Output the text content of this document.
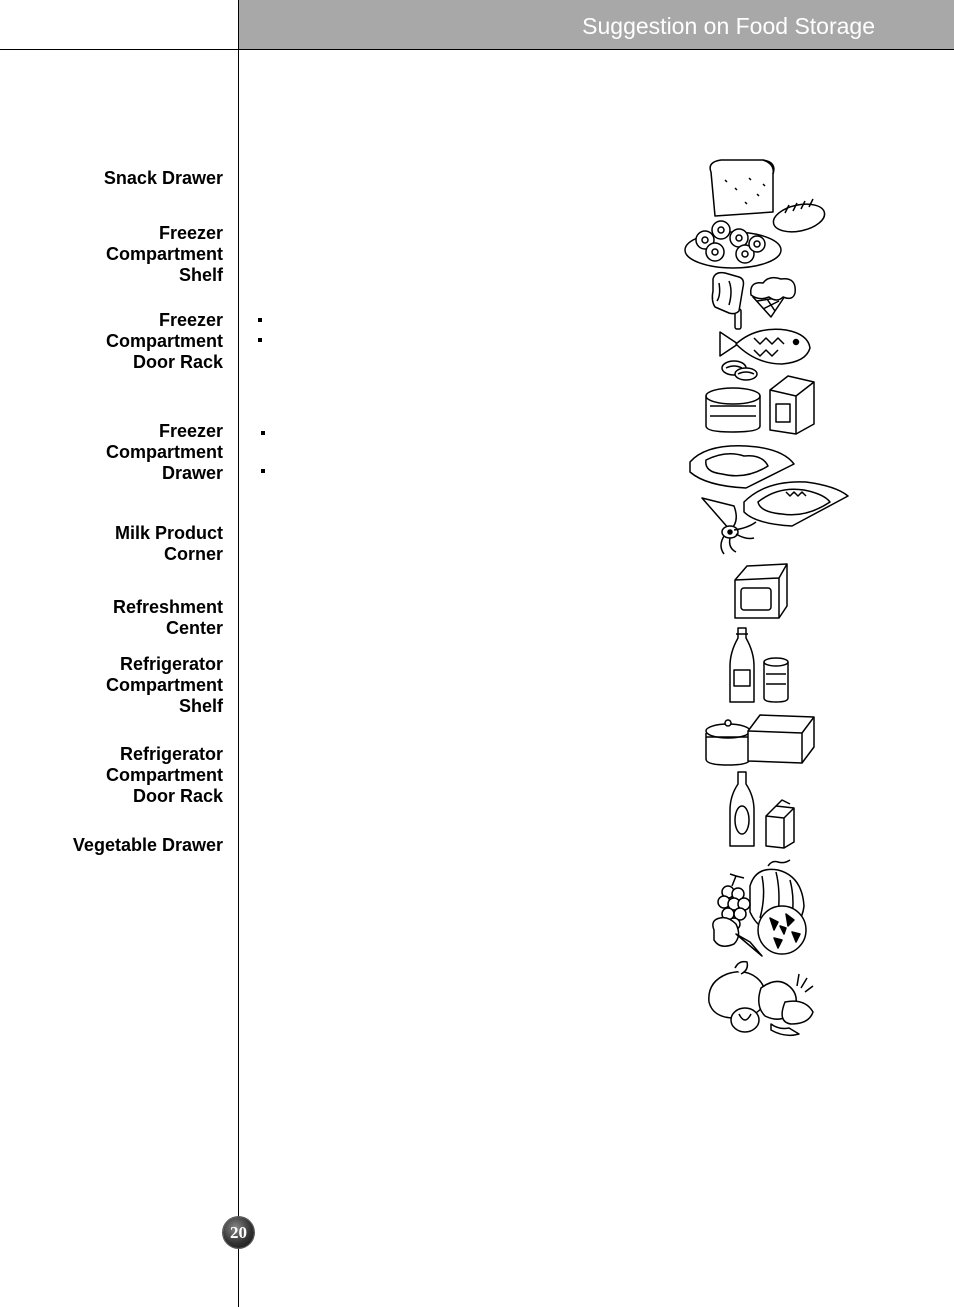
Suggestion on Food Storage
Snack Drawer
Freezer
Compartment
Shelf
Freezer
Compartment
Door Rack
Freezer
Compartment
Drawer
Milk Product
Corner
Refreshment
Center
Refrigerator
Compartment
Shelf
Refrigerator
Compartment
Door Rack
Vegetable Drawer
20
